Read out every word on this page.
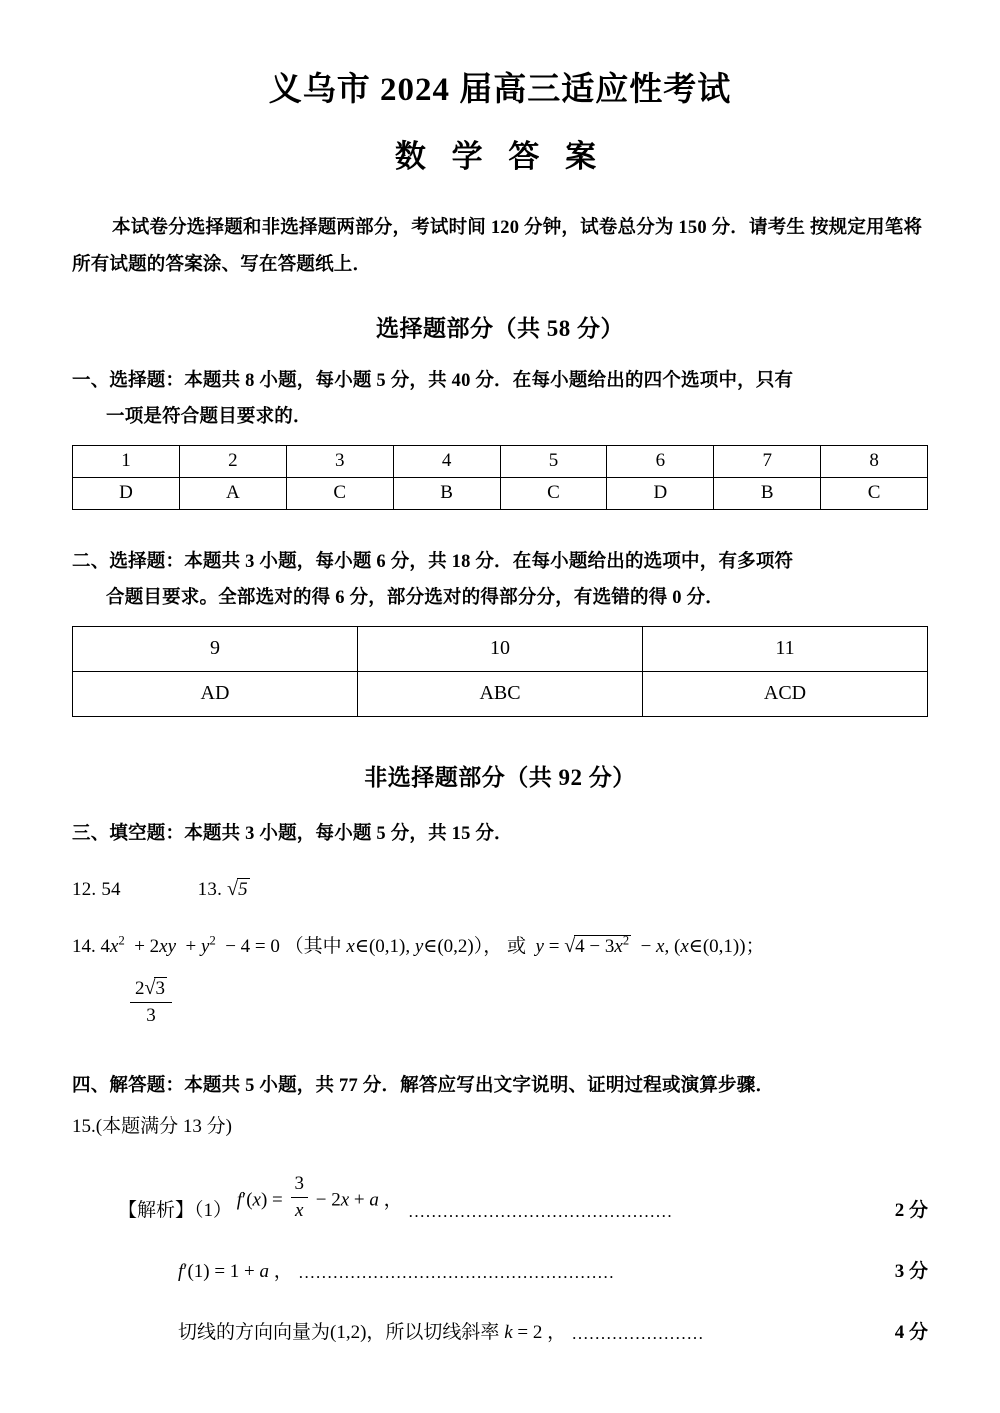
义乌市 2024 届高三适应性考试
数 学 答 案

本试卷分选择题和非选择题两部分，考试时间 120 分钟，试卷总分为 150 分．请考生 按规定用笔将所有试题的答案涂、写在答题纸上．

选择题部分（共 58 分）

一、选择题：本题共 8 小题，每小题 5 分，共 40 分．在每小题给出的四个选项中，只有
一项是符合题目要求的．

1	2	3	4	5	6	7	8
D	A	C	B	C	D	B	C

二、选择题：本题共 3 小题，每小题 6 分，共 18 分．在每小题给出的选项中，有多项符
合题目要求。全部选对的得 6 分，部分选对的得部分分，有选错的得 0 分．

9	10	11
AD	ABC	ACD
非选择题部分（共 92 分）

三、填空题：本题共 3 小题，每小题 5 分，共 15 分．

12. 54	13. √5
14. $4x^2 + 2xy + y^2 - 4 = 0$ （其中 x∈(0,1), y∈(0,2)）， 或 $y = √4 - 3x^2 - x$, (x∈(0,1))；
$\frac{2√3}{3}$

四、解答题：本题共 5 小题，共 77 分．解答应写出文字说明、证明过程或演算步骤．

15.(本题满分 13 分)
【解析】（1）
$f'(x) = \frac{3}{x} - 2x + a$ ，
..............................................	2 分
f′(1) = 1 + a ， .......................................................	3 分
切线的方向向量为(1,2)，所以切线斜率 k = 2 ， .......................	4 分
